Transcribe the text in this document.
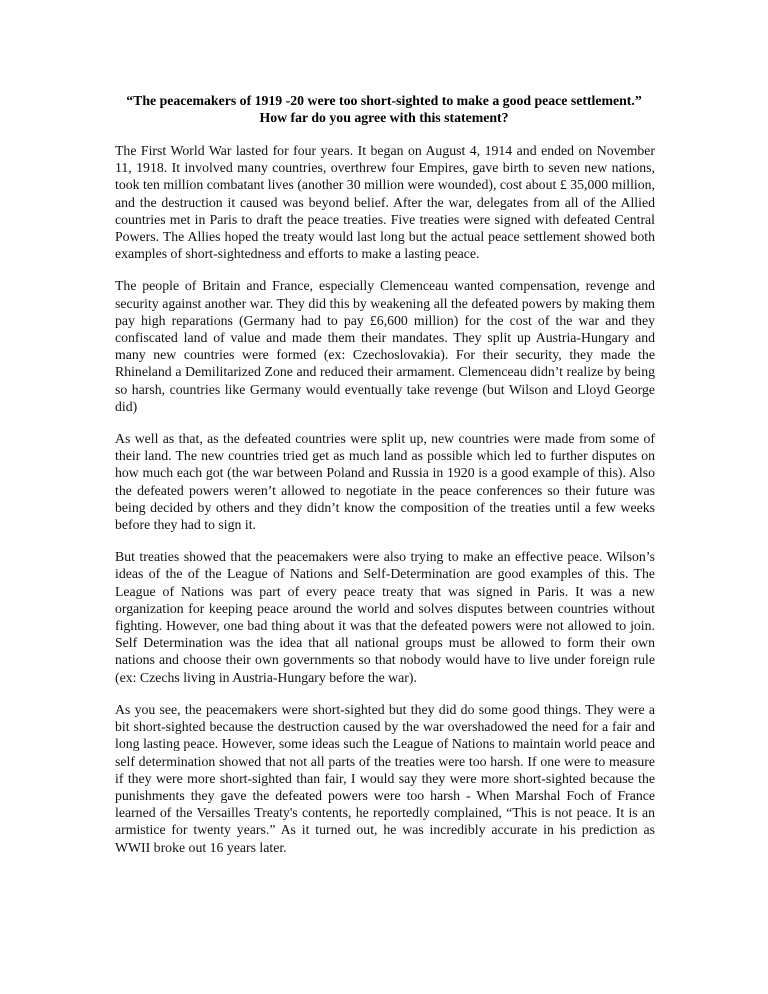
“The peacemakers of 1919 -20 were too short-sighted to make a good peace settlement.” How far do you agree with this statement?

The First World War lasted for four years. It began on August 4, 1914 and ended on November 11, 1918. It involved many countries, overthrew four Empires, gave birth to seven new nations, took ten million combatant lives (another 30 million were wounded), cost about £ 35,000 million, and the destruction it caused was beyond belief. After the war, delegates from all of the Allied countries met in Paris to draft the peace treaties. Five treaties were signed with defeated Central Powers. The Allies hoped the treaty would last long but the actual peace settlement showed both examples of short-sightedness and efforts to make a lasting peace.

The people of Britain and France, especially Clemenceau wanted compensation, revenge and security against another war. They did this by weakening all the defeated powers by making them pay high reparations (Germany had to pay £6,600 million) for the cost of the war and they confiscated land of value and made them their mandates. They split up Austria-Hungary and many new countries were formed (ex: Czechoslovakia). For their security, they made the Rhineland a Demilitarized Zone and reduced their armament. Clemenceau didn’t realize by being so harsh, countries like Germany would eventually take revenge (but Wilson and Lloyd George did)

As well as that, as the defeated countries were split up, new countries were made from some of their land. The new countries tried get as much land as possible which led to further disputes on how much each got (the war between Poland and Russia in 1920 is a good example of this). Also the defeated powers weren’t allowed to negotiate in the peace conferences so their future was being decided by others and they didn’t know the composition of the treaties until a few weeks before they had to sign it.

But treaties showed that the peacemakers were also trying to make an effective peace. Wilson’s ideas of the of the League of Nations and Self-Determination are good examples of this. The League of Nations was part of every peace treaty that was signed in Paris. It was a new organization for keeping peace around the world and solves disputes between countries without fighting. However, one bad thing about it was that the defeated powers were not allowed to join. Self Determination was the idea that all national groups must be allowed to form their own nations and choose their own governments so that nobody would have to live under foreign rule (ex: Czechs living in Austria-Hungary before the war).

As you see, the peacemakers were short-sighted but they did do some good things. They were a bit short-sighted because the destruction caused by the war overshadowed the need for a fair and long lasting peace. However, some ideas such the League of Nations to maintain world peace and self determination showed that not all parts of the treaties were too harsh. If one were to measure if they were more short-sighted than fair, I would say they were more short-sighted because the punishments they gave the defeated powers were too harsh - When Marshal Foch of France learned of the Versailles Treaty's contents, he reportedly complained, “This is not peace. It is an armistice for twenty years.” As it turned out, he was incredibly accurate in his prediction as WWII broke out 16 years later.
